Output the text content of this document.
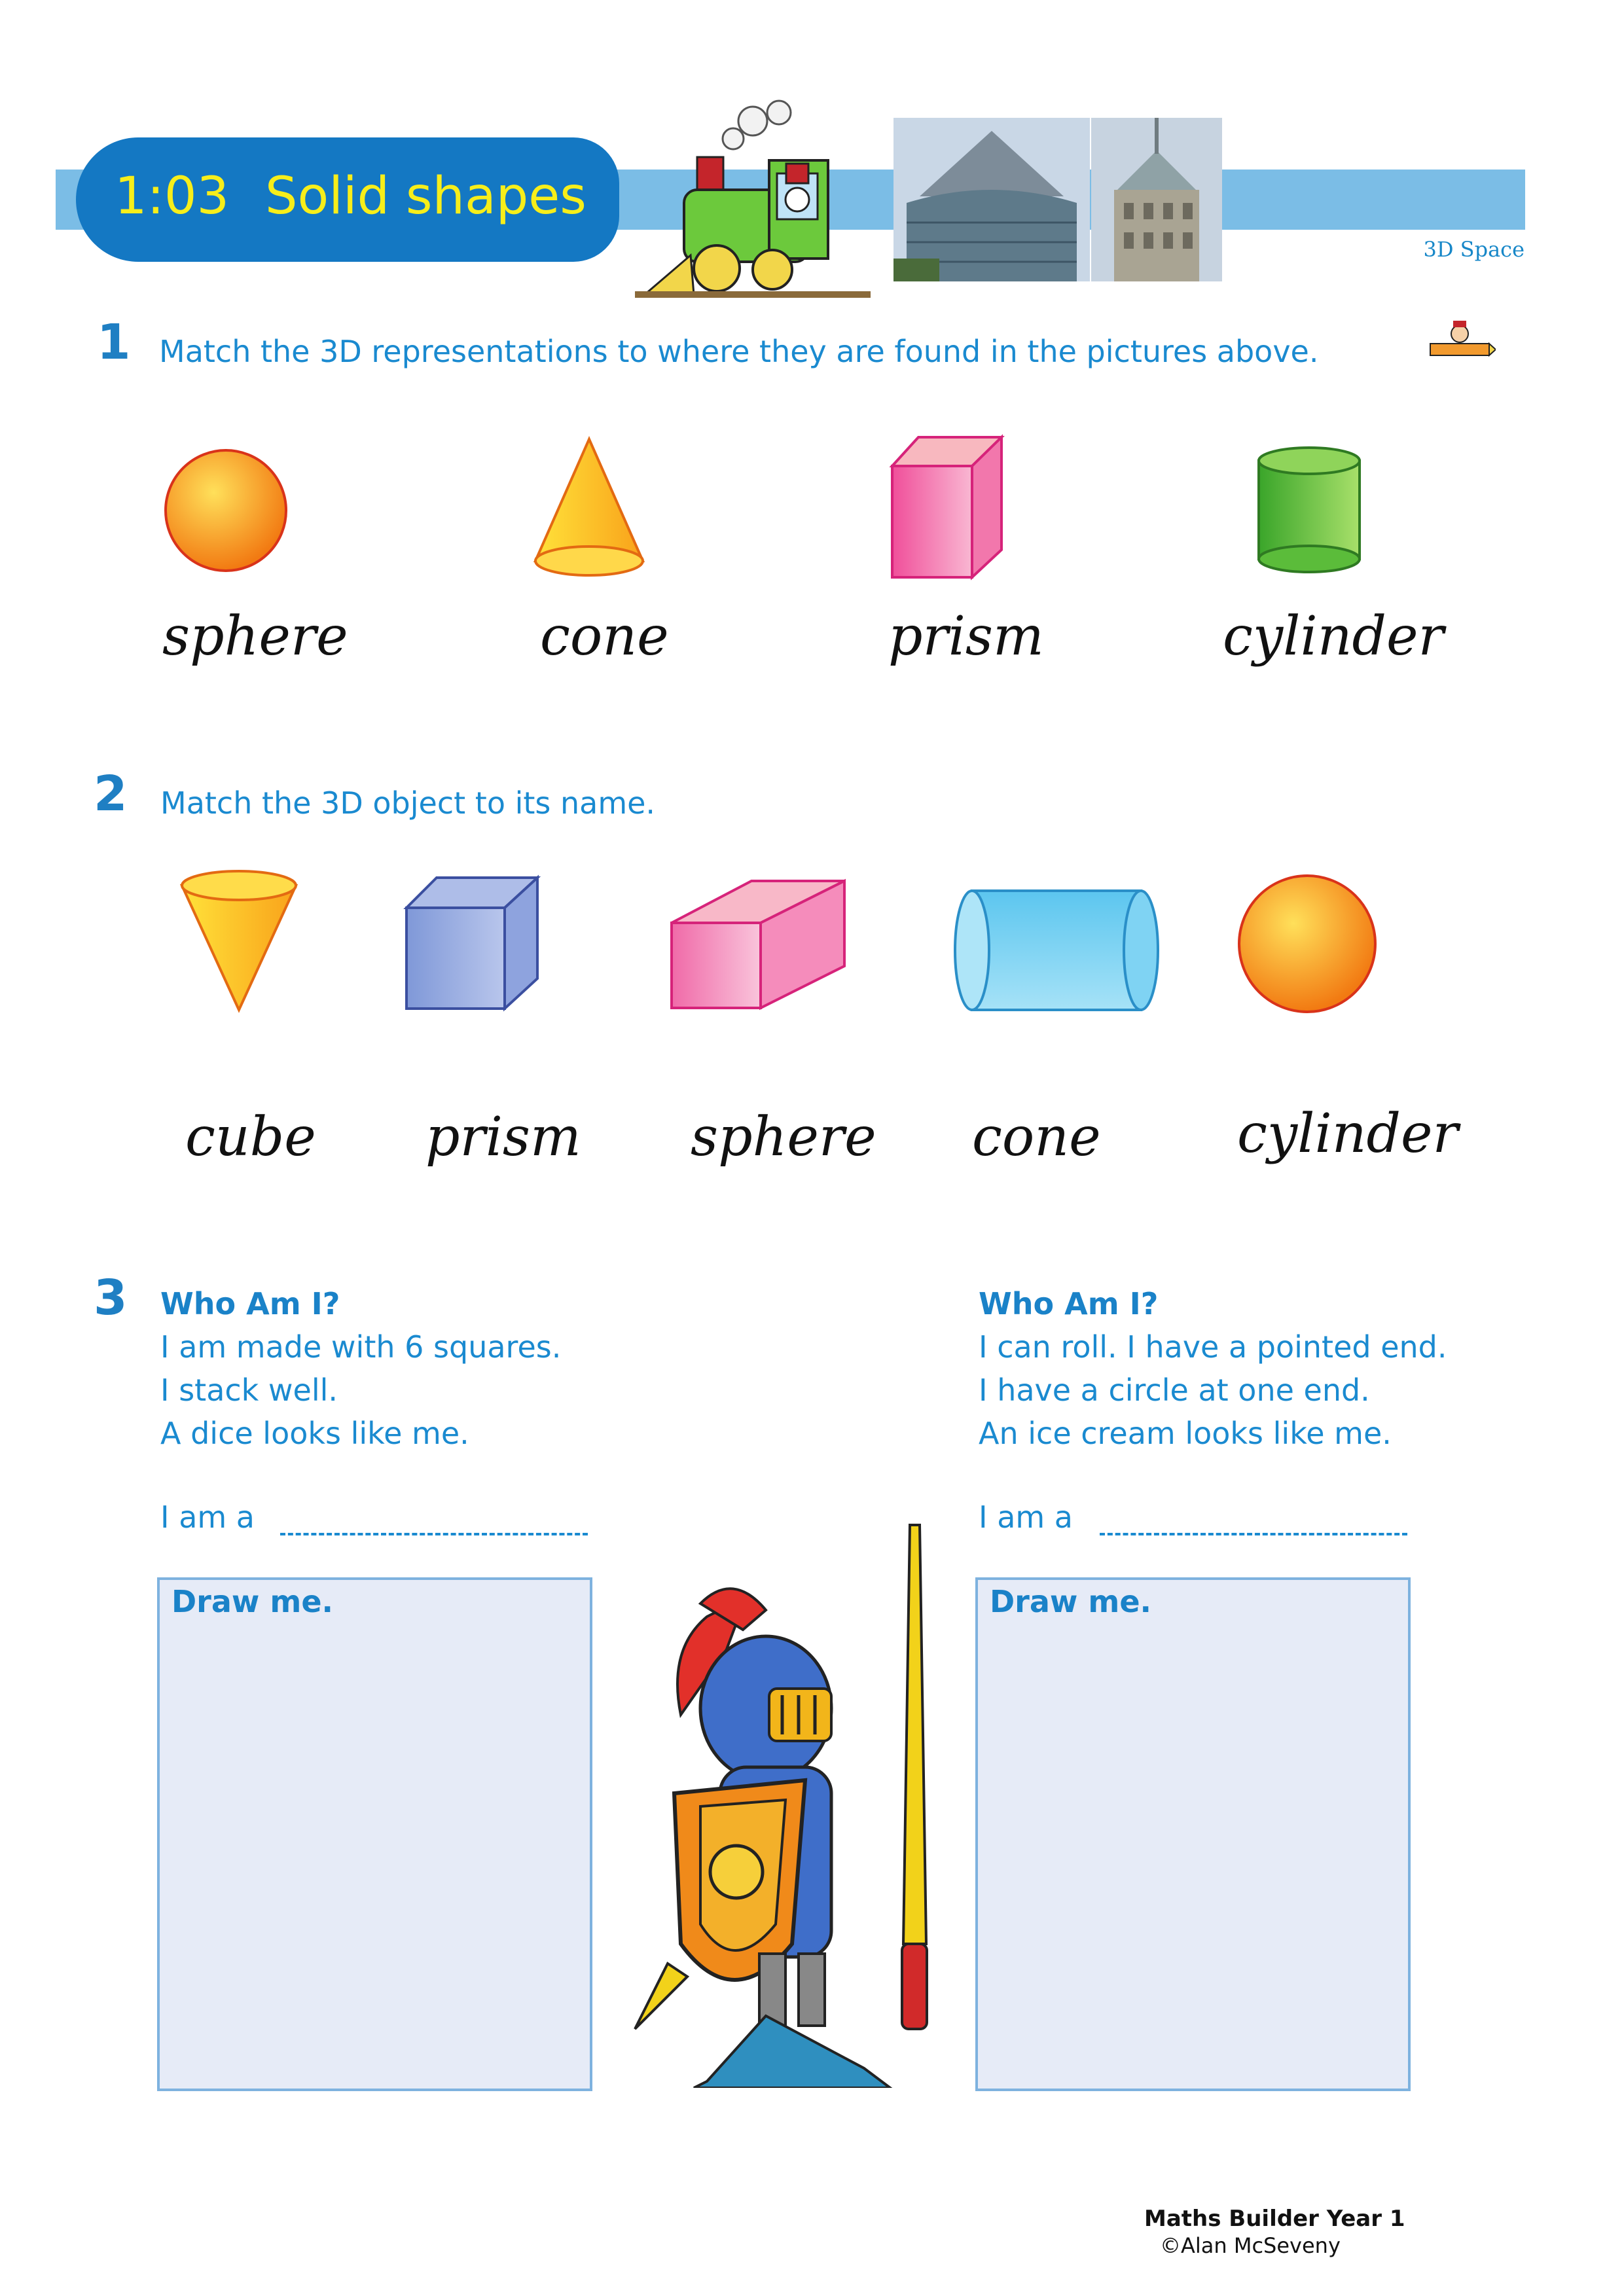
1:03 Solid shapes
3D Space
1 Match the 3D representations to where they are found in the pictures above.
sphere	cone	prism	cylinder
2 Match the 3D object to its name.
cube prism sphere cone	cylinder
3 Who Am I?
I am made with 6 squares.
I stack well.
A dice looks like me.
I am a
Draw me.
Who Am I?
I can roll. I have a pointed end.
I have a circle at one end.
An ice cream looks like me.
I am a
Draw me.
Maths Builder Year 1
©Alan McSeveny
